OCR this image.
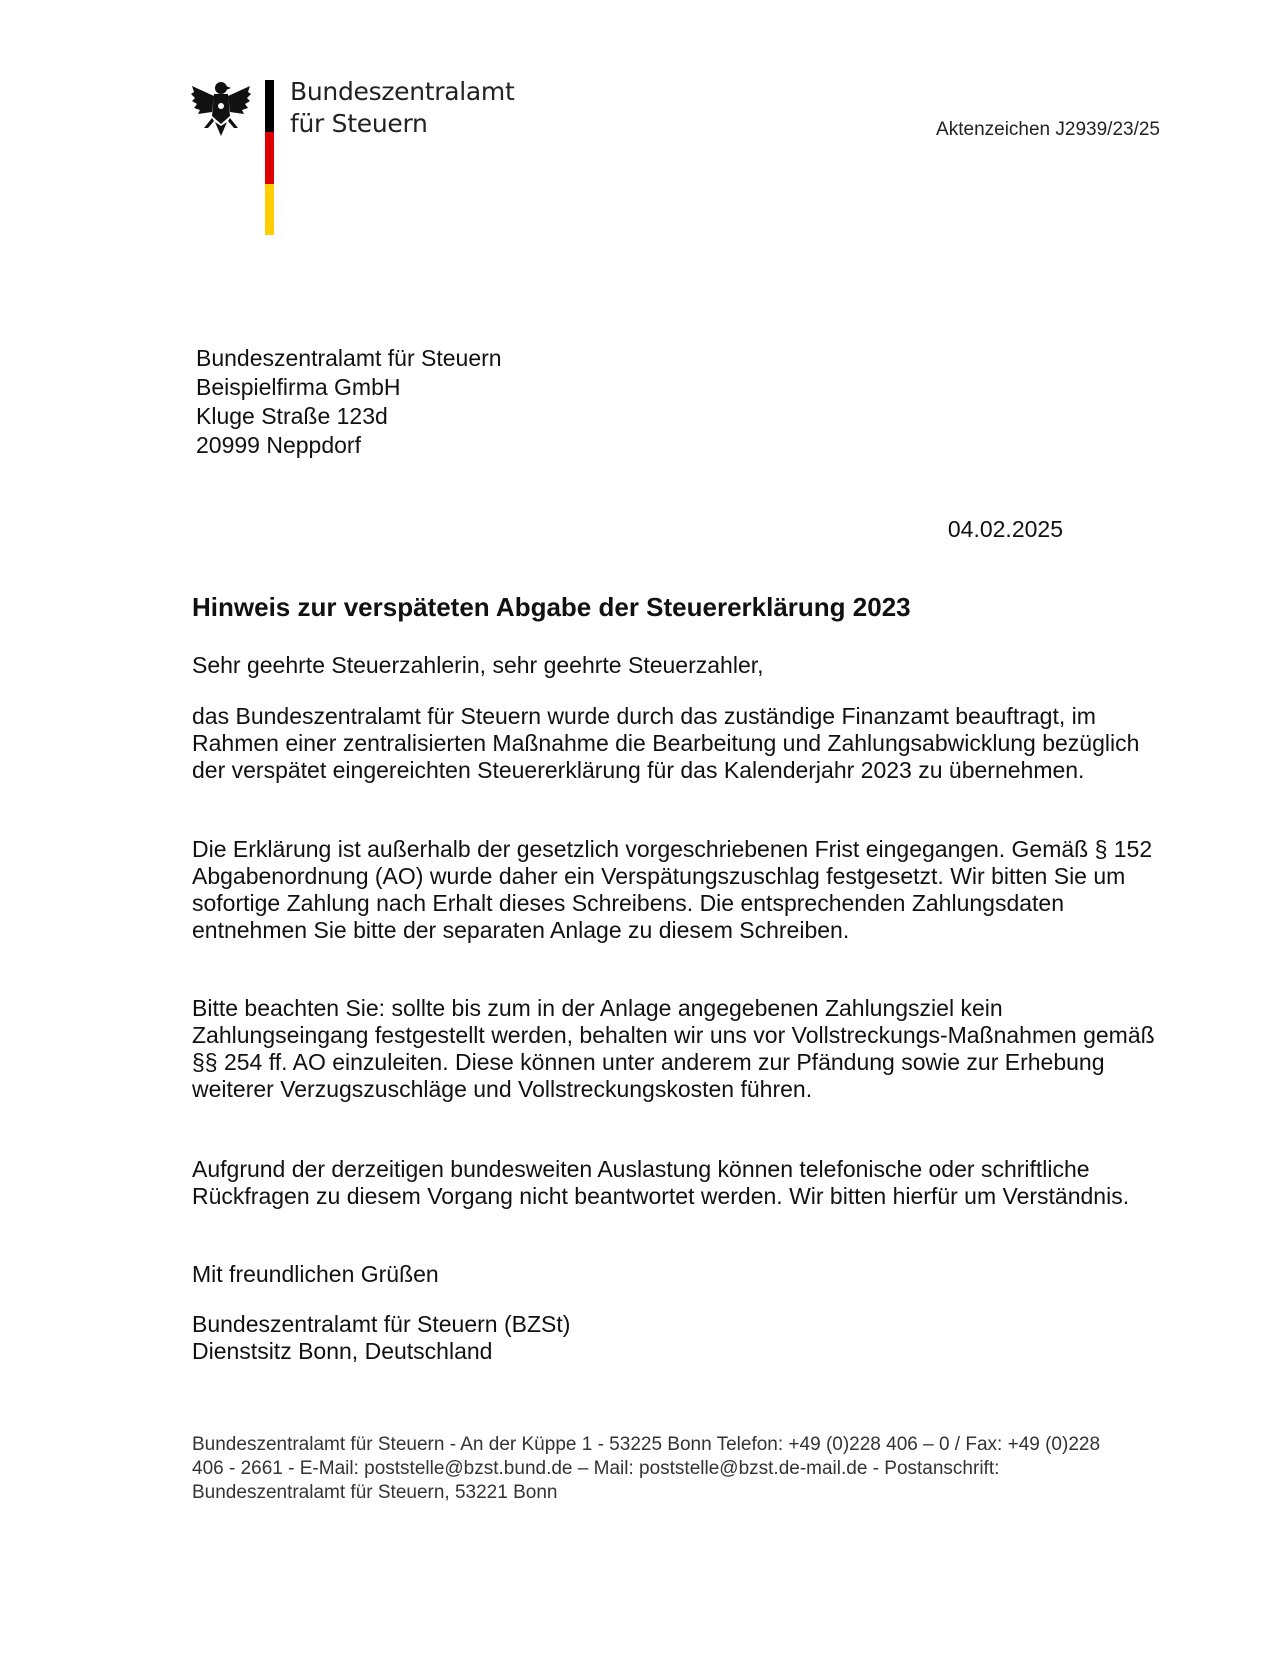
Bundeszentralamt
für Steuern	Aktenzeichen J2939/23/25
Bundeszentralamt für Steuern
Beispielfirma GmbH
Kluge Straße 123d
20999 Neppdorf
04.02.2025
Hinweis zur verspäteten Abgabe der Steuererklärung 2023

Sehr geehrte Steuerzahlerin, sehr geehrte Steuerzahler,

das Bundeszentralamt für Steuern wurde durch das zuständige Finanzamt beauftragt, im Rahmen einer zentralisierten Maßnahme die Bearbeitung und Zahlungsabwicklung bezüglich der verspätet eingereichten Steuererklärung für das Kalenderjahr 2023 zu übernehmen.

Die Erklärung ist außerhalb der gesetzlich vorgeschriebenen Frist eingegangen. Gemäß § 152 Abgabenordnung (AO) wurde daher ein Verspätungszuschlag festgesetzt. Wir bitten Sie um sofortige Zahlung nach Erhalt dieses Schreibens. Die entsprechenden Zahlungsdaten entnehmen Sie bitte der separaten Anlage zu diesem Schreiben.

Bitte beachten Sie: sollte bis zum in der Anlage angegebenen Zahlungsziel kein Zahlungseingang festgestellt werden, behalten wir uns vor Vollstreckungs-Maßnahmen gemäß §§ 254 ff. AO einzuleiten. Diese können unter anderem zur Pfändung sowie zur Erhebung weiterer Verzugszuschläge und Vollstreckungskosten führen.

Aufgrund der derzeitigen bundesweiten Auslastung können telefonische oder schriftliche Rückfragen zu diesem Vorgang nicht beantwortet werden. Wir bitten hierfür um Verständnis.

Mit freundlichen Grüßen

Bundeszentralamt für Steuern (BZSt)

Dienstsitz Bonn, Deutschland

Bundeszentralamt für Steuern - An der Küppe 1 - 53225 Bonn Telefon: +49 (0)228 406 – 0 / Fax: +49 (0)228 406 - 2661 - E-Mail: poststelle@bzst.bund.de – Mail: poststelle@bzst.de-mail.de - Postanschrift: Bundeszentralamt für Steuern, 53221 Bonn
